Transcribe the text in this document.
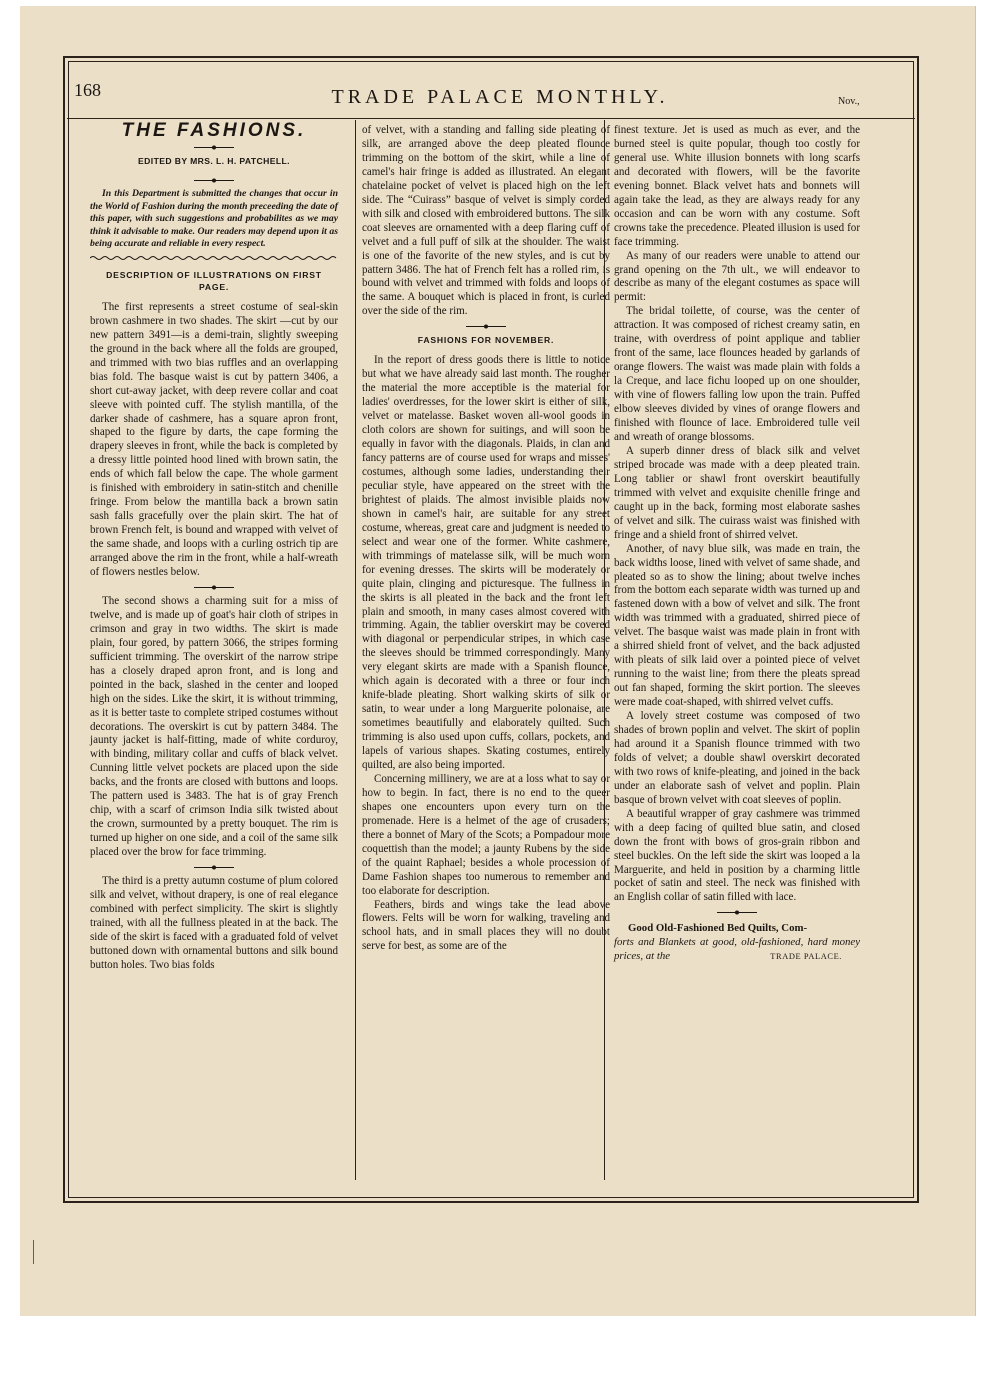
168	TRADE PALACE MONTHLY.	Nov.,
THE FASHIONS.
EDITED BY MRS. L. H. PATCHELL.

In this Department is submitted the changes that occur in the World of Fashion during the month preceeding the date of this paper, with such suggestions and probabilites as we may think it advisable to make. Our readers may depend upon it as being accurate and reliable in every respect.

DESCRIPTION OF ILLUSTRATIONS ON FIRST PAGE.

The first represents a street costume of seal-skin brown cashmere in two shades. The skirt —cut by our new pattern 3491—is a demi-train, slightly sweeping the ground in the back where all the folds are grouped, and trimmed with two bias ruffles and an overlapping bias fold. The basque waist is cut by pattern 3406, a short cut-away jacket, with deep revere collar and coat sleeve with pointed cuff. The stylish mantilla, of the darker shade of cashmere, has a square apron front, shaped to the figure by darts, the cape forming the drapery sleeves in front, while the back is completed by a dressy little pointed hood lined with brown satin, the ends of which fall below the cape. The whole garment is finished with embroidery in satin-stitch and chenille fringe. From below the mantilla back a brown satin sash falls gracefully over the plain skirt. The hat of brown French felt, is bound and wrapped with velvet of the same shade, and loops with a curling ostrich tip are arranged above the rim in the front, while a half-wreath of flowers nestles below.

The second shows a charming suit for a miss of twelve, and is made up of goat's hair cloth of stripes in crimson and gray in two widths. The skirt is made plain, four gored, by pattern 3066, the stripes forming sufficient trimming. The overskirt of the narrow stripe has a closely draped apron front, and is long and pointed in the back, slashed in the center and looped high on the sides. Like the skirt, it is without trimming, as it is better taste to complete striped costumes without decorations. The overskirt is cut by pattern 3484. The jaunty jacket is half-fitting, made of white corduroy, with binding, military collar and cuffs of black velvet. Cunning little velvet pockets are placed upon the side backs, and the fronts are closed with buttons and loops. The pattern used is 3483. The hat is of gray French chip, with a scarf of crimson India silk twisted about the crown, surmounted by a pretty bouquet. The rim is turned up higher on one side, and a coil of the same silk placed over the brow for face trimming.

The third is a pretty autumn costume of plum colored silk and velvet, without drapery, is one of real elegance combined with perfect simplicity. The skirt is slightly trained, with all the fullness pleated in at the back. The side of the skirt is faced with a graduated fold of velvet buttoned down with ornamental buttons and silk bound button holes. Two bias folds

of velvet, with a standing and falling side pleating of silk, are arranged above the deep pleated flounce trimming on the bottom of the skirt, while a line of camel's hair fringe is added as illustrated. An elegant chatelaine pocket of velvet is placed high on the left side. The “Cuirass” basque of velvet is simply corded with silk and closed with embroidered buttons. The silk coat sleeves are ornamented with a deep flaring cuff of velvet and a full puff of silk at the shoulder. The waist is one of the favorite of the new styles, and is cut by pattern 3486. The hat of French felt has a rolled rim, is bound with velvet and trimmed with folds and loops of the same. A bouquet which is placed in front, is curled over the side of the rim.

FASHIONS FOR NOVEMBER.

In the report of dress goods there is little to notice but what we have already said last month. The rougher the material the more acceptible is the material for ladies' overdresses, for the lower skirt is either of silk, velvet or matelasse. Basket woven all-wool goods in cloth colors are shown for suitings, and will soon be equally in favor with the diagonals. Plaids, in clan and fancy patterns are of course used for wraps and misses' costumes, although some ladies, understanding their peculiar style, have appeared on the street with the brightest of plaids. The almost invisible plaids now shown in camel's hair, are suitable for any street costume, whereas, great care and judgment is needed to select and wear one of the former. White cashmere, with trimmings of matelasse silk, will be much worn for evening dresses. The skirts will be moderately or quite plain, clinging and picturesque. The fullness in the skirts is all pleated in the back and the front left plain and smooth, in many cases almost covered with trimming. Again, the tablier overskirt may be covered with diagonal or perpendicular stripes, in which case the sleeves should be trimmed correspondingly. Many very elegant skirts are made with a Spanish flounce, which again is decorated with a three or four inch knife-blade pleating. Short walking skirts of silk or satin, to wear under a long Marguerite polonaise, are sometimes beautifully and elaborately quilted. Such trimming is also used upon cuffs, collars, pockets, and lapels of various shapes. Skating costumes, entirely quilted, are also being imported.

Concerning millinery, we are at a loss what to say or how to begin. In fact, there is no end to the queer shapes one encounters upon every turn on the promenade. Here is a helmet of the age of crusaders; there a bonnet of Mary of the Scots; a Pompadour more coquettish than the model; a jaunty Rubens by the side of the quaint Raphael; besides a whole procession of Dame Fashion shapes too numerous to remember and too elaborate for description.

Feathers, birds and wings take the lead above flowers. Felts will be worn for walking, traveling and school hats, and in small places they will no doubt serve for best, as some are of the

finest texture. Jet is used as much as ever, and the burned steel is quite popular, though too costly for general use. White illusion bonnets with long scarfs and decorated with flowers, will be the favorite evening bonnet. Black velvet hats and bonnets will again take the lead, as they are always ready for any occasion and can be worn with any costume. Soft crowns take the precedence. Pleated illusion is used for face trimming.

As many of our readers were unable to attend our grand opening on the 7th ult., we will endeavor to describe as many of the elegant costumes as space will permit:

The bridal toilette, of course, was the center of attraction. It was composed of richest creamy satin, en traine, with overdress of point applique and tablier front of the same, lace flounces headed by garlands of orange flowers. The waist was made plain with folds a la Creque, and lace fichu looped up on one shoulder, with vine of flowers falling low upon the train. Puffed elbow sleeves divided by vines of orange flowers and finished with flounce of lace. Embroidered tulle veil and wreath of orange blossoms.

A superb dinner dress of black silk and velvet striped brocade was made with a deep pleated train. Long tablier or shawl front overskirt beautifully trimmed with velvet and exquisite chenille fringe and caught up in the back, forming most elaborate sashes of velvet and silk. The cuirass waist was finished with fringe and a shield front of shirred velvet.

Another, of navy blue silk, was made en train, the back widths loose, lined with velvet of same shade, and pleated so as to show the lining; about twelve inches from the bottom each separate width was turned up and fastened down with a bow of velvet and silk. The front width was trimmed with a graduated, shirred piece of velvet. The basque waist was made plain in front with a shirred shield front of velvet, and the back adjusted with pleats of silk laid over a pointed piece of velvet running to the waist line; from there the pleats spread out fan shaped, forming the skirt portion. The sleeves were made coat-shaped, with shirred velvet cuffs.

A lovely street costume was composed of two shades of brown poplin and velvet. The skirt of poplin had around it a Spanish flounce trimmed with two folds of velvet; a double shawl overskirt decorated with two rows of knife-pleating, and joined in the back under an elaborate sash of velvet and poplin. Plain basque of brown velvet with coat sleeves of poplin.

A beautiful wrapper of gray cashmere was trimmed with a deep facing of quilted blue satin, and closed down the front with bows of gros-grain ribbon and steel buckles. On the left side the skirt was looped a la Marguerite, and held in position by a charming little pocket of satin and steel. The neck was finished with an English collar of satin filled with lace.

Good Old-Fashioned Bed Quilts, Com-
forts and Blankets at good, old-fashioned, hard money prices, at the	TRADE PALACE.
